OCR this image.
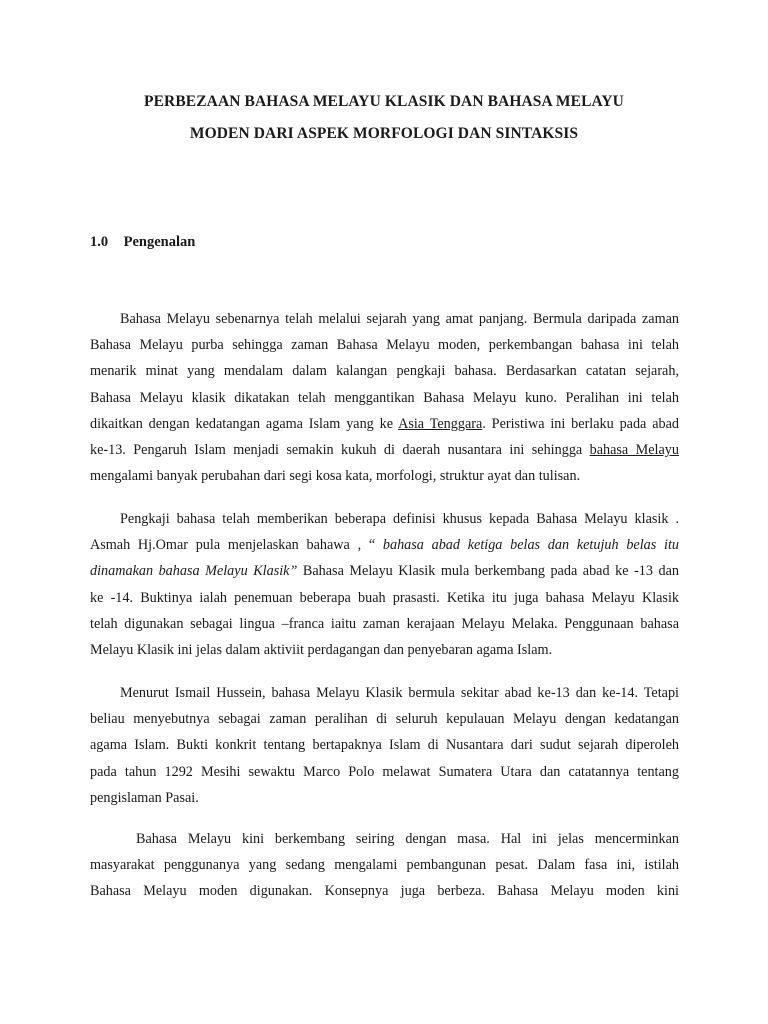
PERBEZAAN BAHASA MELAYU KLASIK DAN BAHASA MELAYU
MODEN DARI ASPEK MORFOLOGI DAN SINTAKSIS
1.0 Pengenalan
Bahasa Melayu sebenarnya telah melalui sejarah yang amat panjang. Bermula daripada zaman
Bahasa Melayu purba sehingga zaman Bahasa Melayu moden, perkembangan bahasa ini telah
menarik minat yang mendalam dalam kalangan pengkaji bahasa. Berdasarkan catatan sejarah,
Bahasa Melayu klasik dikatakan telah menggantikan Bahasa Melayu kuno. Peralihan ini telah
dikaitkan dengan kedatangan agama Islam yang ke Asia Tenggara. Peristiwa ini berlaku pada abad
ke-13. Pengaruh Islam menjadi semakin kukuh di daerah nusantara ini sehingga bahasa Melayu
mengalami banyak perubahan dari segi kosa kata, morfologi, struktur ayat dan tulisan.
Pengkaji bahasa telah memberikan beberapa definisi khusus kepada Bahasa Melayu klasik .
Asmah Hj.Omar pula menjelaskan bahawa , “ bahasa abad ketiga belas dan ketujuh belas itu
dinamakan bahasa Melayu Klasik” Bahasa Melayu Klasik mula berkembang pada abad ke -13 dan
ke -14. Buktinya ialah penemuan beberapa buah prasasti. Ketika itu juga bahasa Melayu Klasik
telah digunakan sebagai lingua –franca iaitu zaman kerajaan Melayu Melaka. Penggunaan bahasa
Melayu Klasik ini jelas dalam aktiviit perdagangan dan penyebaran agama Islam.
Menurut Ismail Hussein, bahasa Melayu Klasik bermula sekitar abad ke-13 dan ke-14. Tetapi
beliau menyebutnya sebagai zaman peralihan di seluruh kepulauan Melayu dengan kedatangan
agama Islam. Bukti konkrit tentang bertapaknya Islam di Nusantara dari sudut sejarah diperoleh
pada tahun 1292 Mesihi sewaktu Marco Polo melawat Sumatera Utara dan catatannya tentang
pengislaman Pasai.
Bahasa Melayu kini berkembang seiring dengan masa. Hal ini jelas mencerminkan
masyarakat penggunanya yang sedang mengalami pembangunan pesat. Dalam fasa ini, istilah
Bahasa Melayu moden digunakan. Konsepnya juga berbeza. Bahasa Melayu moden kini
